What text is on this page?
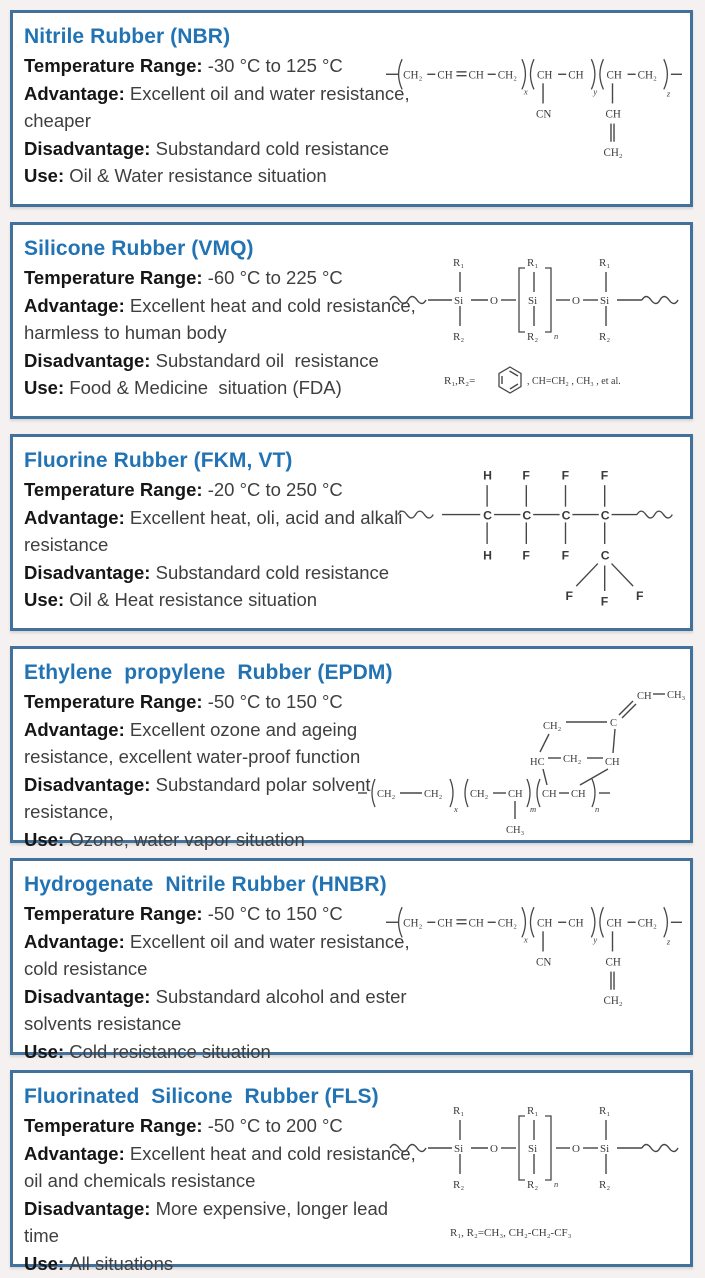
Nitrile Rubber (NBR)

Temperature Range : -30 °C to 125 °C

Advantage : Excellent oil and water resistance, cheaper

Disadvantage : Substandard cold resistance

Use : Oil & Water resistance situation

CH₂ CH CH CH₂
x
CH CH
y
CH CH₂
z
CN	CH
CH₂
Silicone Rubber (VMQ)

Temperature Range : -60 °C to 225 °C

Advantage : Excellent heat and cold resistance, harmless to human body

Disadvantage : Substandard oil  resistance

Use : Food & Medicine  situation (FDA)

Si
R₁
R₂
O	Si
R₁
R₂ n
O Si
R₁
R₂
R₁,R₂=	, CH=CH₂ , CH₃ , et al.
Fluorine Rubber (FKM, VT)

Temperature Range : -20 °C to 250 °C

Advantage : Excellent heat, oli, acid and alkali resistance

Disadvantage : Substandard cold resistance

Use : Oil & Heat resistance situation

C C C C
H F	F	F
H F	F	C
F F F
Ethylene  propylene  Rubber (EPDM)

Temperature Range : -50 °C to 150 °C

Advantage : Excellent ozone and ageing resistance, excellent water-proof function

Disadvantage : Substandard polar solvent resistance,

Use : Ozone, water vapor situation

CH₂	CH₂
x
CH₂ CH
m
CH CH
n
CH₃
HC	CH
CH₂
CH₂	C
CH CH₃
Hydrogenate  Nitrile Rubber (HNBR)

Temperature Range : -50 °C to 150 °C

Advantage : Excellent oil and water resistance, cold resistance

Disadvantage : Substandard alcohol and ester solvents resistance

Use : Cold resistance situation

CH₂ CH CH CH₂
x
CH CH
y
CH CH₂
z
CN	CH
CH₂
Fluorinated  Silicone  Rubber (FLS)

Temperature Range : -50 °C to 200 °C

Advantage : Excellent heat and cold resistance, oil and chemicals resistance

Disadvantage : More expensive, longer lead time

Use : All situations

Si
R₁
R₂
O	Si
R₁
R₂ n
O Si
R₁
R₂
R₁, R₂=CH₃, CH₂-CH₂-CF₃
